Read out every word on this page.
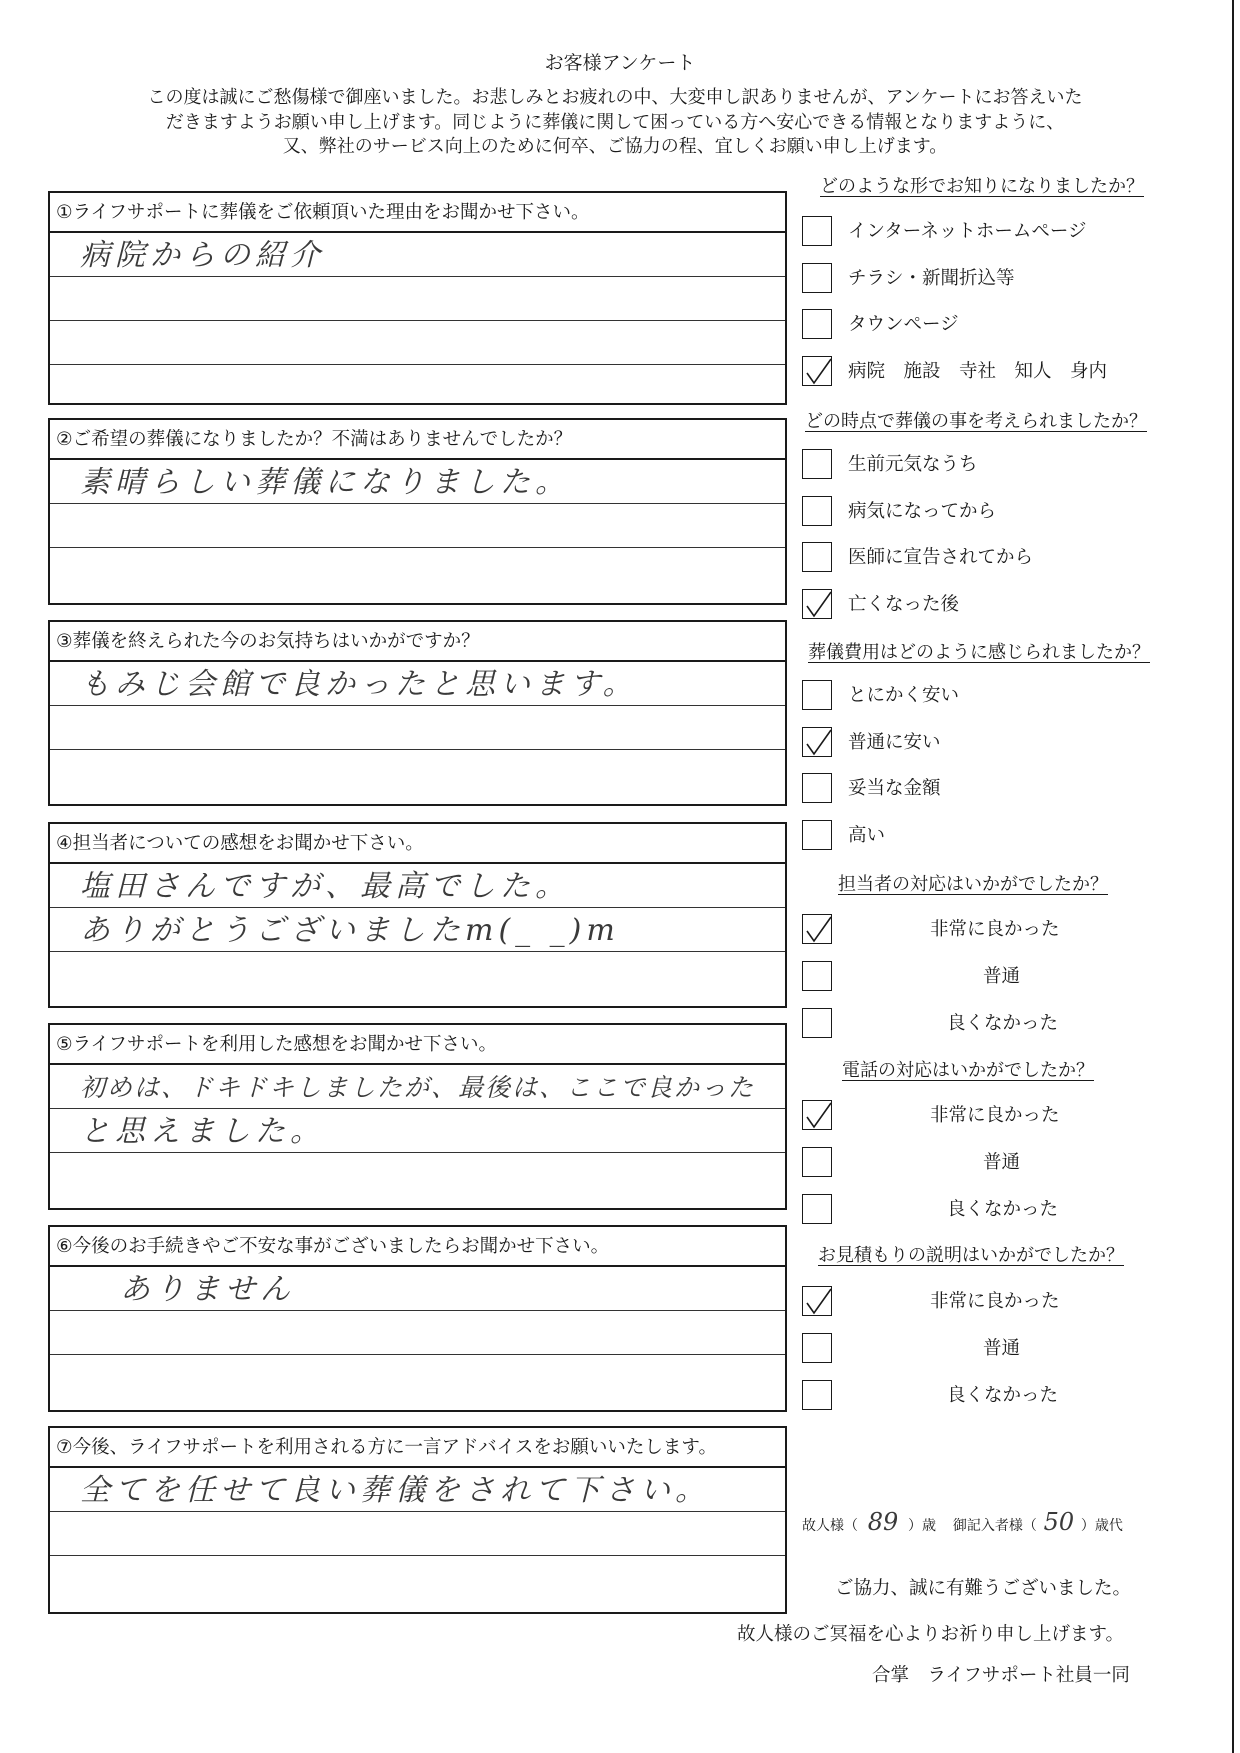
お客様アンケート
この度は誠にご愁傷様で御座いました。お悲しみとお疲れの中、大変申し訳ありませんが、アンケートにお答えいた
だきますようお願い申し上げます。同じように葬儀に関して困っている方へ安心できる情報となりますように、
又、弊社のサービス向上のために何卒、ご協力の程、宜しくお願い申し上げます。
①ライフサポートに葬儀をご依頼頂いた理由をお聞かせ下さい。
病院からの紹介
②ご希望の葬儀になりましたか？不満はありませんでしたか？
素晴らしい葬儀になりました。
③葬儀を終えられた今のお気持ちはいかがですか？
もみじ会館で良かったと思います。
④担当者についての感想をお聞かせ下さい。
塩田さんですが、最高でした。
ありがとうございましたm(_ _)m
⑤ライフサポートを利用した感想をお聞かせ下さい。
初めは、ドキドキしましたが、最後は、ここで良かった
と思えました。
⑥今後のお手続きやご不安な事がございましたらお聞かせ下さい。
ありません
⑦今後、ライフサポートを利用される方に一言アドバイスをお願いいたします。
全てを任せて良い葬儀をされて下さい。
どのような形でお知りになりましたか？
インターネットホームページ
チラシ・新聞折込等
タウンページ
病院　施設　寺社　知人　身内
どの時点で葬儀の事を考えられましたか？
生前元気なうち
病気になってから
医師に宣告されてから
亡くなった後
葬儀費用はどのように感じられましたか？
とにかく安い
普通に安い
妥当な金額
高い
担当者の対応はいかがでしたか？
非常に良かった
普通
良くなかった
電話の対応はいかがでしたか？
非常に良かった
普通
良くなかった
お見積もりの説明はいかがでしたか？
非常に良かった
普通
良くなかった
故人様（ 89 ）歳 御記入者様（ 50 ）歳代
ご協力、誠に有難うございました。
故人様のご冥福を心よりお祈り申し上げます。
合掌　ライフサポート社員一同
